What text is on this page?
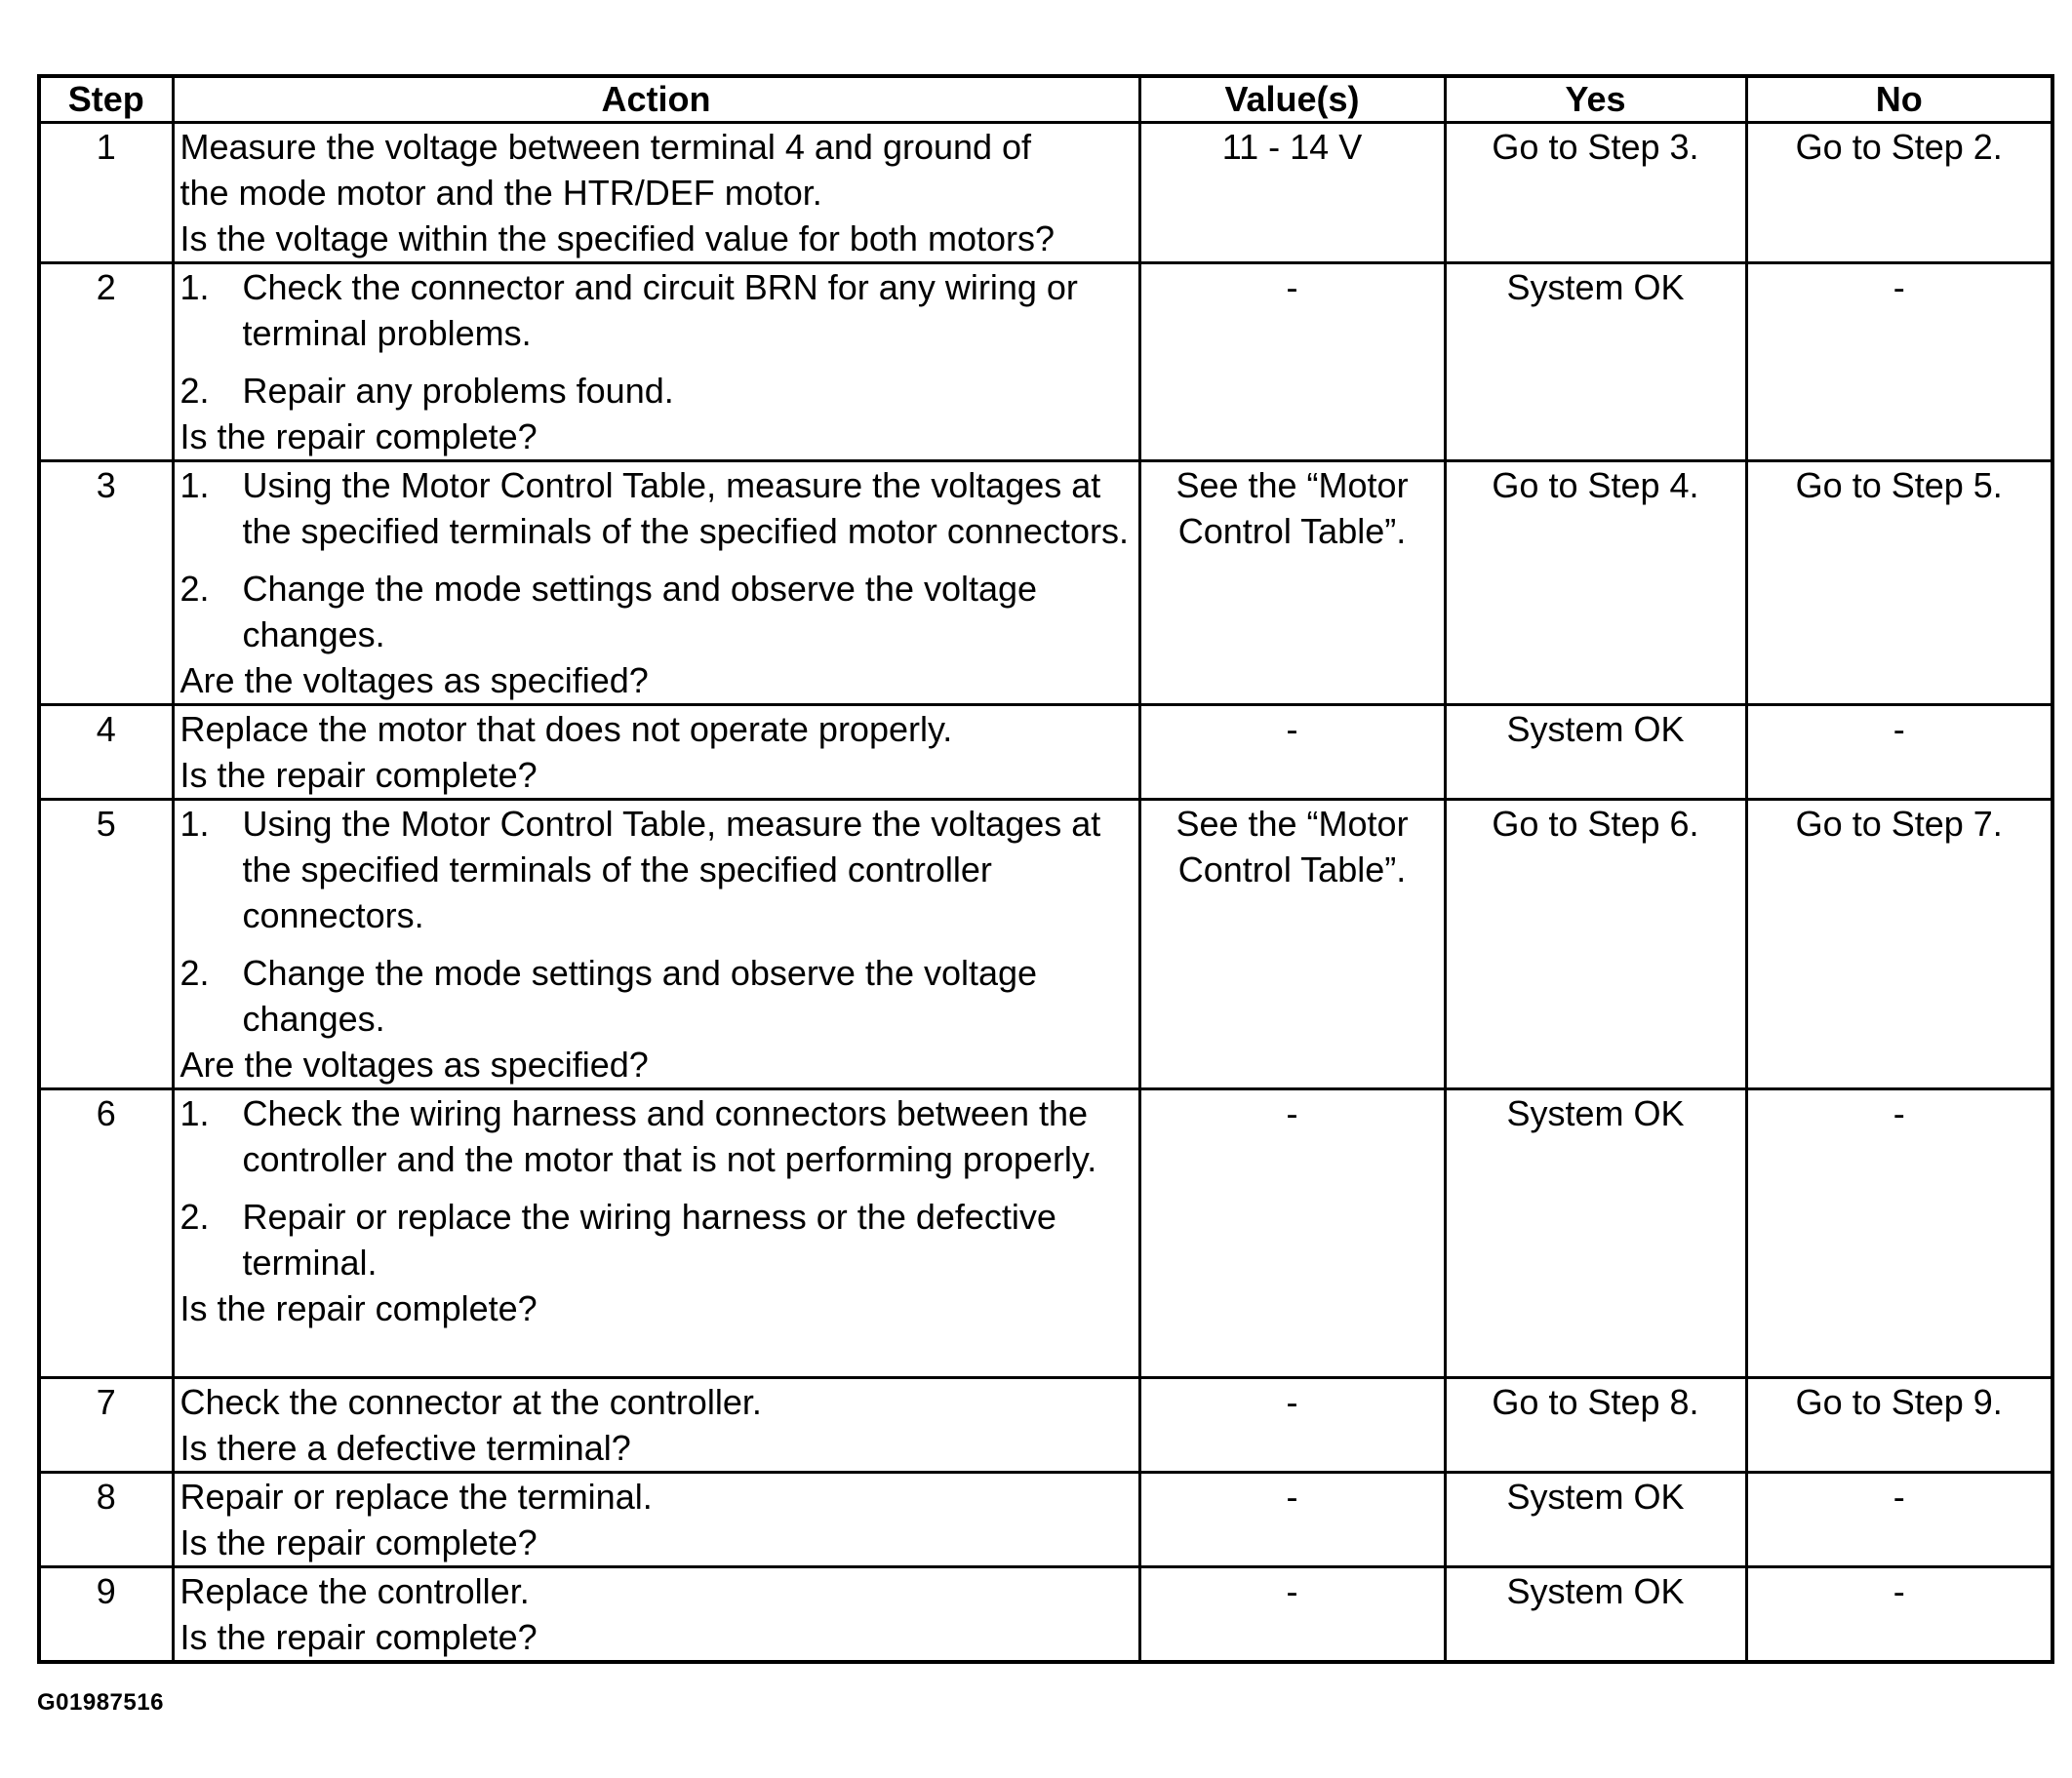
Step	Action	Value(s)	Yes	No
1	Measure the voltage between terminal 4 and ground of
the mode motor and the HTR/DEF motor.
Is the voltage within the specified value for both motors?	11 - 14 V	Go to Step 3.	Go to Step 2.
2	1. Check the connector and circuit BRN for any wiring or terminal problems.
2. Repair any problems found.
Is the repair complete?	-	System OK	-
3	1. Using the Motor Control Table, measure the voltages at the specified terminals of the specified motor connectors.
2. Change the mode settings and observe the voltage changes.
Are the voltages as specified?	See the “Motor Control Table”.	Go to Step 4.	Go to Step 5.
4	Replace the motor that does not operate properly.
Is the repair complete?	-	System OK	-
5	1. Using the Motor Control Table, measure the voltages at the specified terminals of the specified controller connectors.
2. Change the mode settings and observe the voltage changes.
Are the voltages as specified?	See the “Motor Control Table”.	Go to Step 6.	Go to Step 7.
6	1. Check the wiring harness and connectors between the controller and the motor that is not performing properly.
2. Repair or replace the wiring harness or the defective terminal.
Is the repair complete?	-	System OK	-
7	Check the connector at the controller.
Is there a defective terminal?	-	Go to Step 8.	Go to Step 9.
8	Repair or replace the terminal.
Is the repair complete?	-	System OK	-
9	Replace the controller.
Is the repair complete?	-	System OK	-
G01987516
